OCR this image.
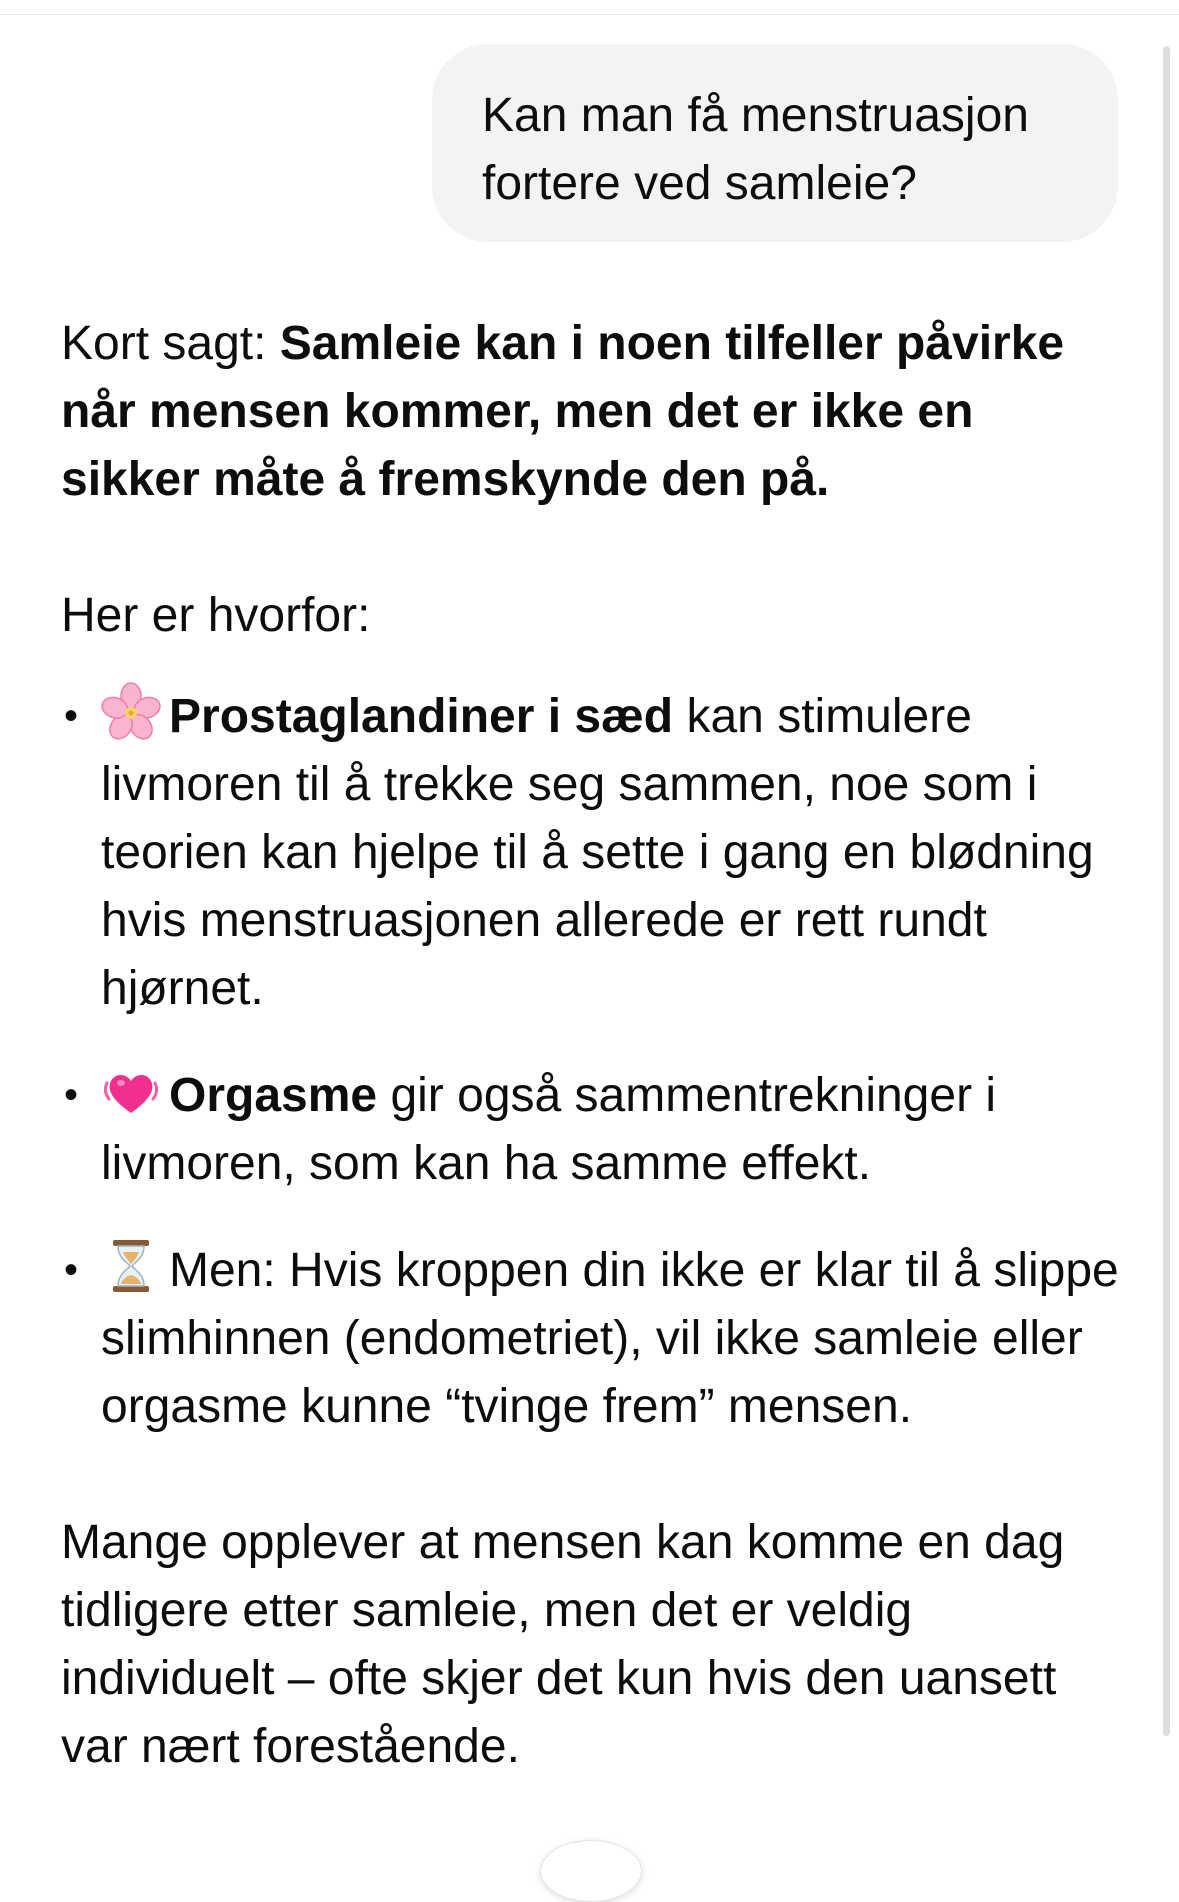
Kan man få menstruasjon fortere ved samleie?

Kort sagt: Samleie kan i noen tilfeller påvirke når mensen kommer, men det er ikke en sikker måte å fremskynde den på.

Her er hvorfor:

• Prostaglandiner i sæd kan stimulere livmoren til å trekke seg sammen, noe som i teorien kan hjelpe til å sette i gang en blødning hvis menstruasjonen allerede er rett rundt hjørnet.
• Orgasme gir også sammentrekninger i livmoren, som kan ha samme effekt.
• Men: Hvis kroppen din ikke er klar til å slippe slimhinnen (endometriet), vil ikke samleie eller orgasme kunne “tvinge frem” mensen.

Mange opplever at mensen kan komme en dag tidligere etter samleie, men det er veldig individuelt – ofte skjer det kun hvis den uansett var nært forestående.
